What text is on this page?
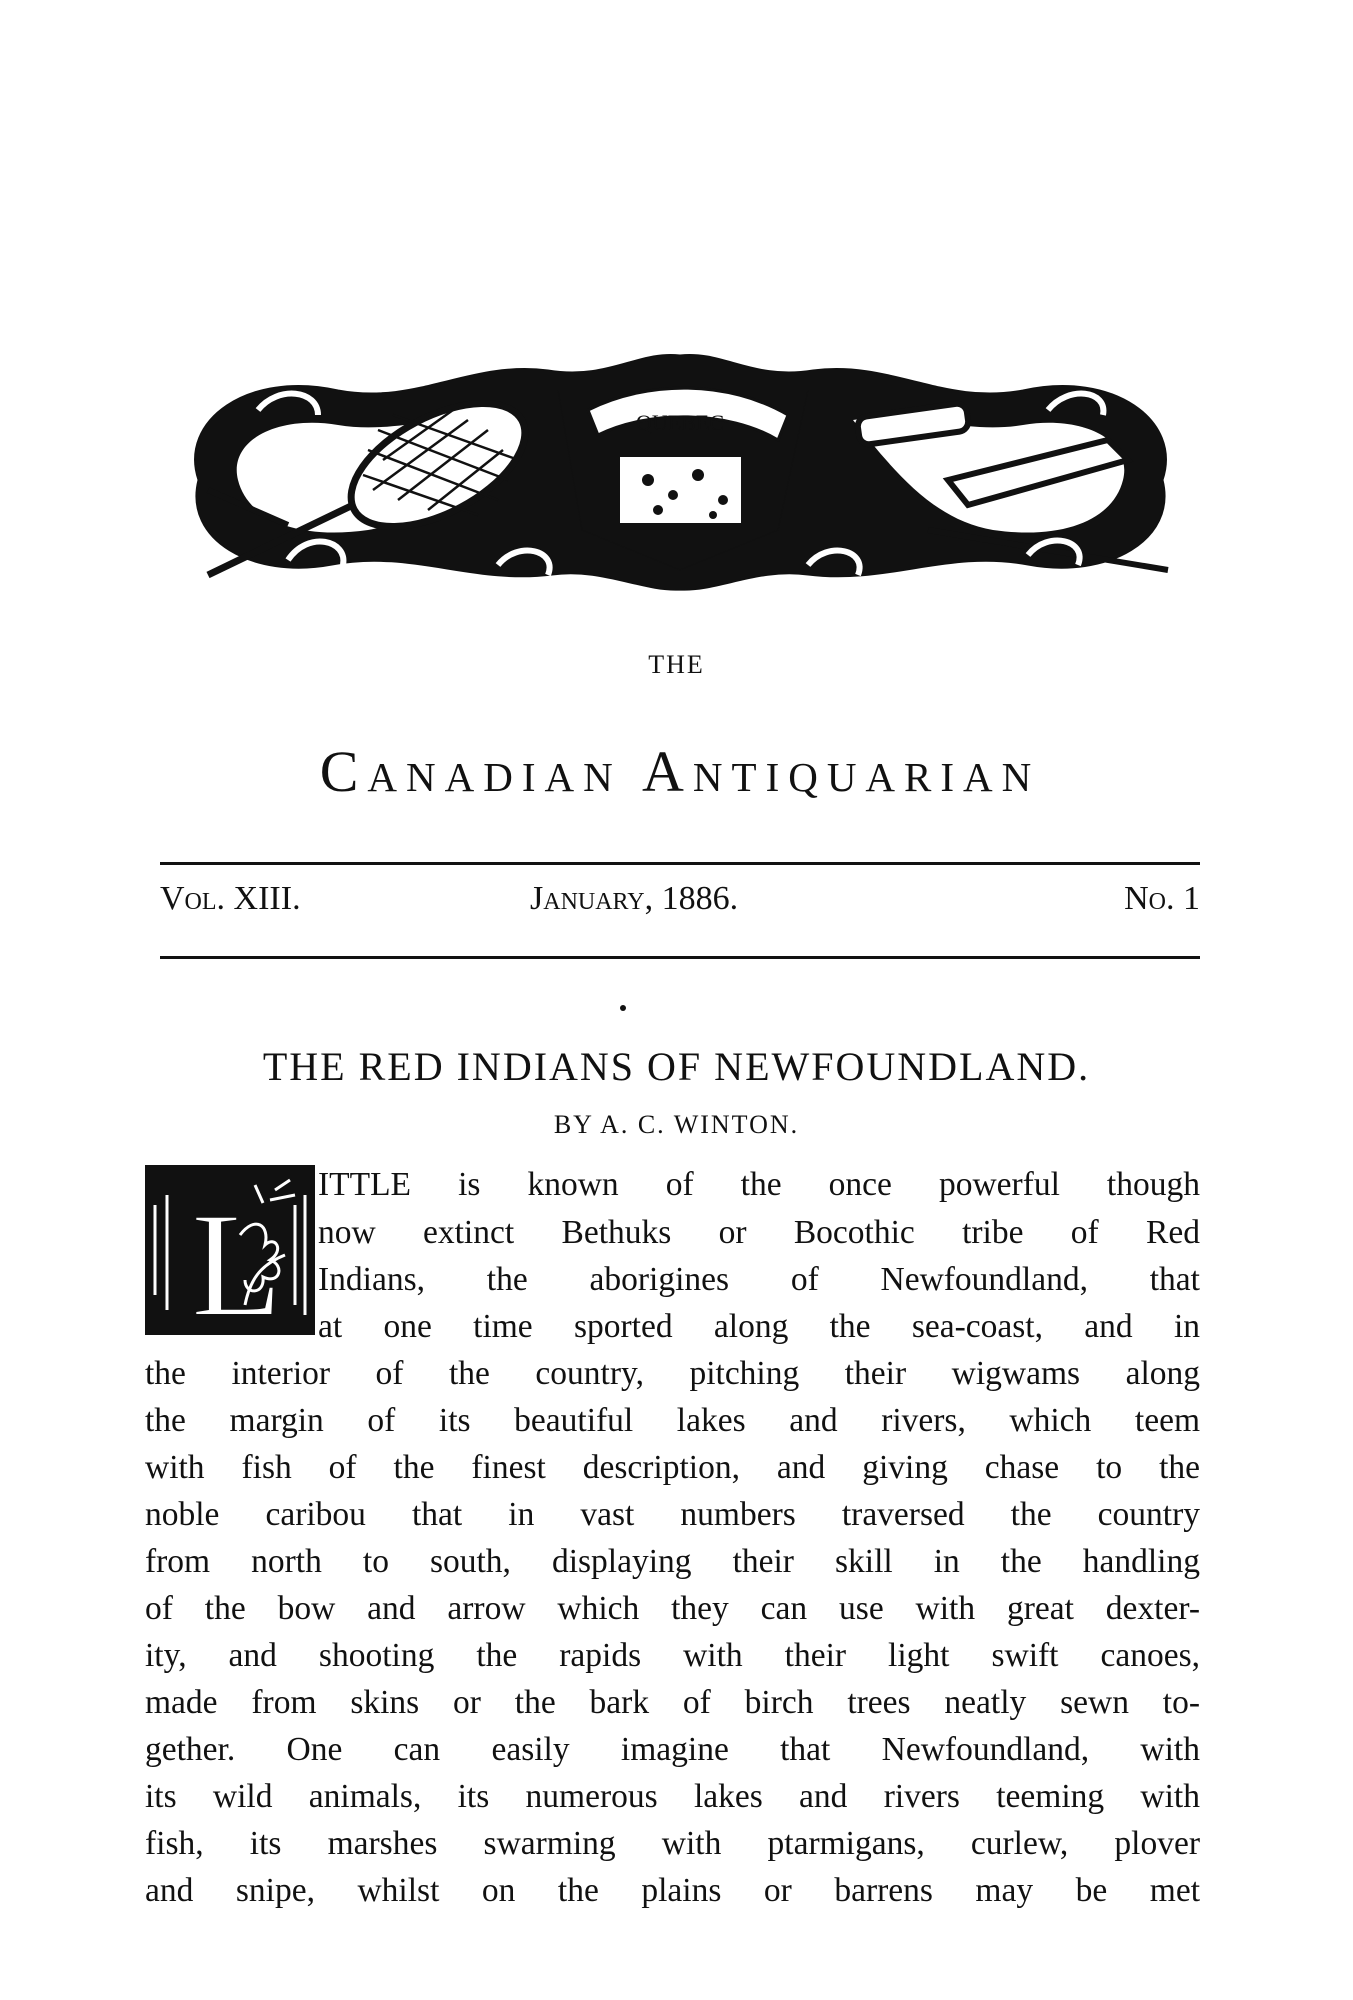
QUEBEC
THE
Canadian Antiquarian
Vol. XIII.	January, 1886.	No. 1
THE RED INDIANS OF NEWFOUNDLAND.
BY A. C. WINTON.
L ITTLE is known of the once powerful though
now extinct Bethuks or Bocothic tribe of Red
Indians, the aborigines of Newfoundland, that
at one time sported along the sea-coast, and in
the interior of the country, pitching their wigwams along
the margin of its beautiful lakes and rivers, which teem
with fish of the finest description, and giving chase to the
noble caribou that in vast numbers traversed the country
from north to south, displaying their skill in the handling
of the bow and arrow which they can use with great dexter-
ity, and shooting the rapids with their light swift canoes,
made from skins or the bark of birch trees neatly sewn to-
gether. One can easily imagine that Newfoundland, with
its wild animals, its numerous lakes and rivers teeming with
fish, its marshes swarming with ptarmigans, curlew, plover
and snipe, whilst on the plains or barrens may be met
